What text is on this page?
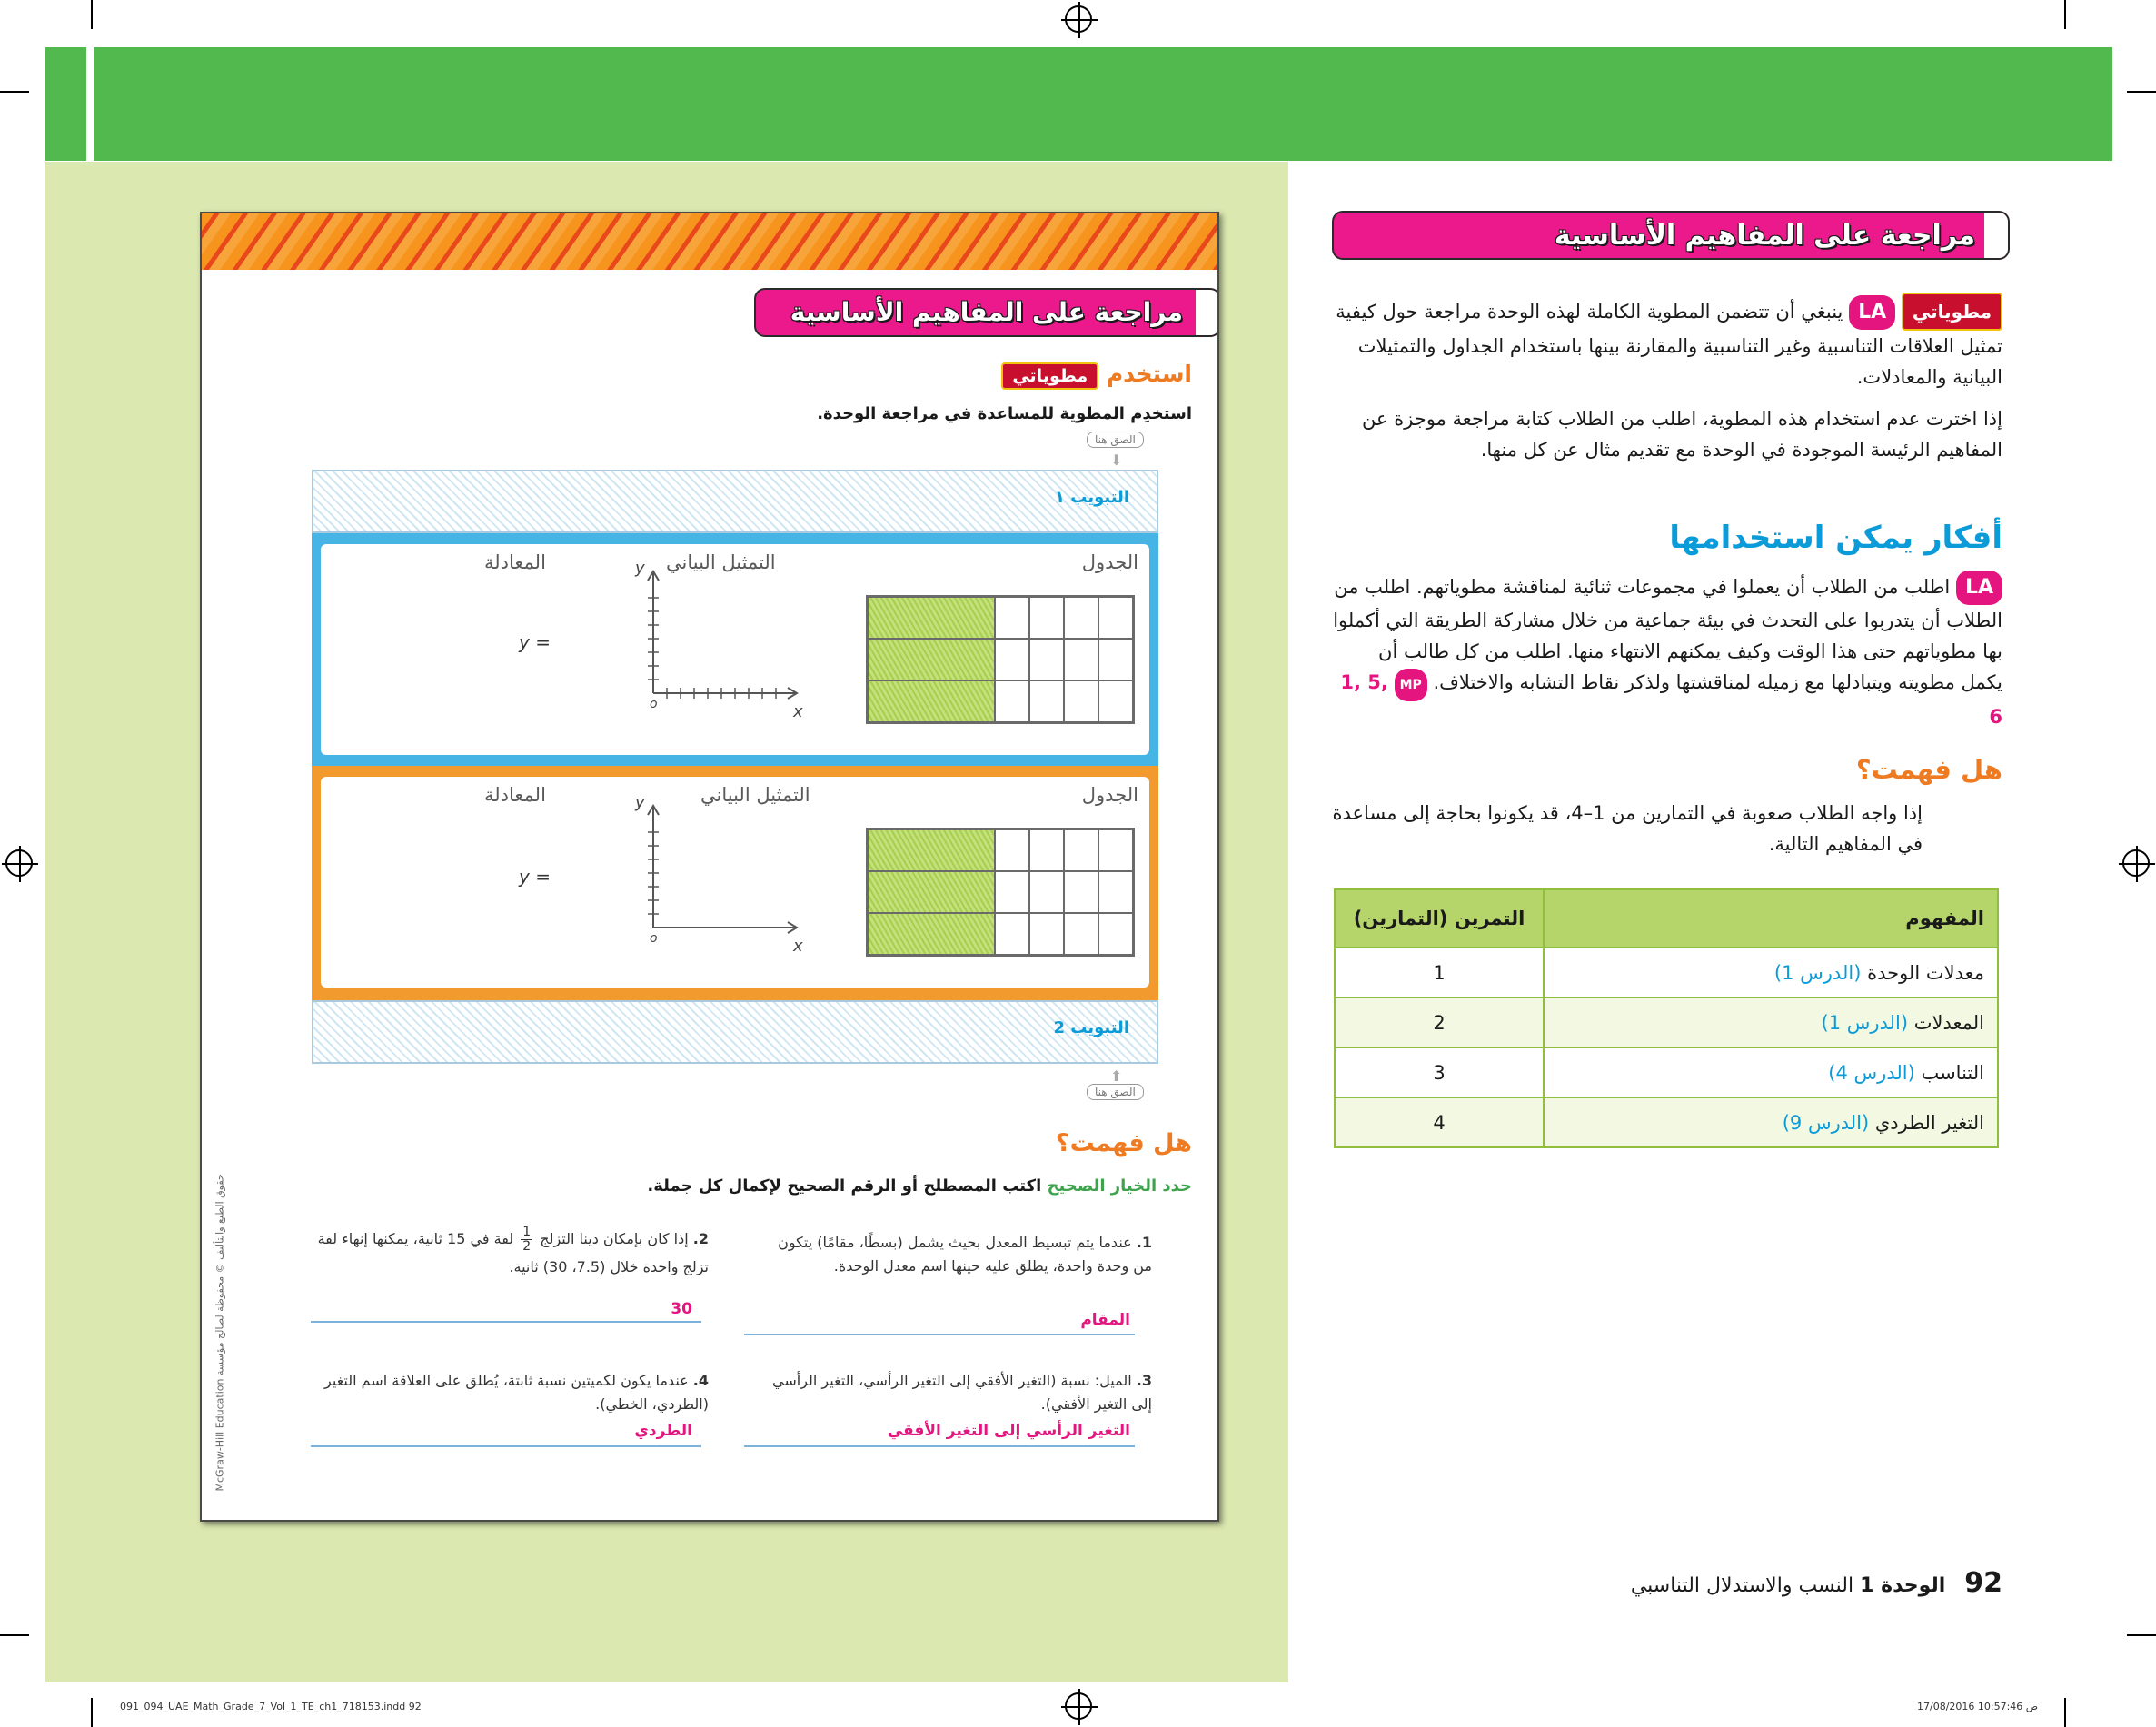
مراجعة على المفاهيم الأساسية
استخدم مطوياتي
استخدِم المطوية للمساعدة في مراجعة الوحدة.
الصق هنا
⬇
التبويب ١
الجدول
التمثيل البياني
المعادلة
y =
y
x
o
الجدول
التمثيل البياني
المعادلة
y =
y
x
o
التبويب 2
⬆
الصق هنا
هل فهمت؟
حدد الخيار الصحيح اكتب المصطلح أو الرقم الصحيح لإكمال كل جملة.
1. عندما يتم تبسيط المعدل بحيث يشمل (بسطًا، مقامًا) يتكون من وحدة واحدة، يطلق عليه حينها اسم معدل الوحدة.
المقام
2. إذا كان بإمكان دينا التزلج
$\frac{1}{2}$
لفة في 15 ثانية، يمكنها إنهاء لفة تزلج واحدة خلال (7.5، 30) ثانية.
30
3. الميل: نسبة (التغير الأفقي إلى التغير الرأسي، التغير الرأسي إلى التغير الأفقي).
التغير الرأسي إلى التغير الأفقي
4. عندما يكون لكميتين نسبة ثابتة، يُطلق على العلاقة اسم التغير (الطردي، الخطي).
الطردي
McGraw-Hill Education حقوق الطبع والتأليف © محفوظة لصالح مؤسسة
مراجعة على المفاهيم الأساسية
مطوياتي LA ينبغي أن تتضمن المطوية الكاملة لهذه الوحدة مراجعة حول كيفية تمثيل العلاقات التناسبية وغير التناسبية والمقارنة بينها باستخدام الجداول والتمثيلات البيانية والمعادلات.
إذا اخترت عدم استخدام هذه المطوية، اطلب من الطلاب كتابة مراجعة موجزة عن المفاهيم الرئيسة الموجودة في الوحدة مع تقديم مثال عن كل منها.
أفكار يمكن استخدامها
LA اطلب من الطلاب أن يعملوا في مجموعات ثنائية لمناقشة مطوياتهم. اطلب من الطلاب أن يتدربوا على التحدث في بيئة جماعية من خلال مشاركة الطريقة التي أكملوا بها مطوياتهم حتى هذا الوقت وكيف يمكنهم الانتهاء منها. اطلب من كل طالب أن يكمل مطويته ويتبادلها مع زميله لمناقشتها ولذكر نقاط التشابه والاختلاف. MP 1, 5, 6
هل فهمت؟
إذا واجه الطلاب صعوبة في التمارين من 1–4، قد يكونوا بحاجة إلى مساعدة في المفاهيم التالية.
المفهوم	التمرين (التمارين)
معدلات الوحدة (الدرس 1)	1
المعدلات (الدرس 1)	2
التناسب (الدرس 4)	3
التغير الطردي (الدرس 9)	4
92 الوحدة 1 النسب والاستدلال التناسبي
091_094_UAE_Math_Grade_7_Vol_1_TE_ch1_718153.indd 92	17/08/2016 10:57:46 ص
